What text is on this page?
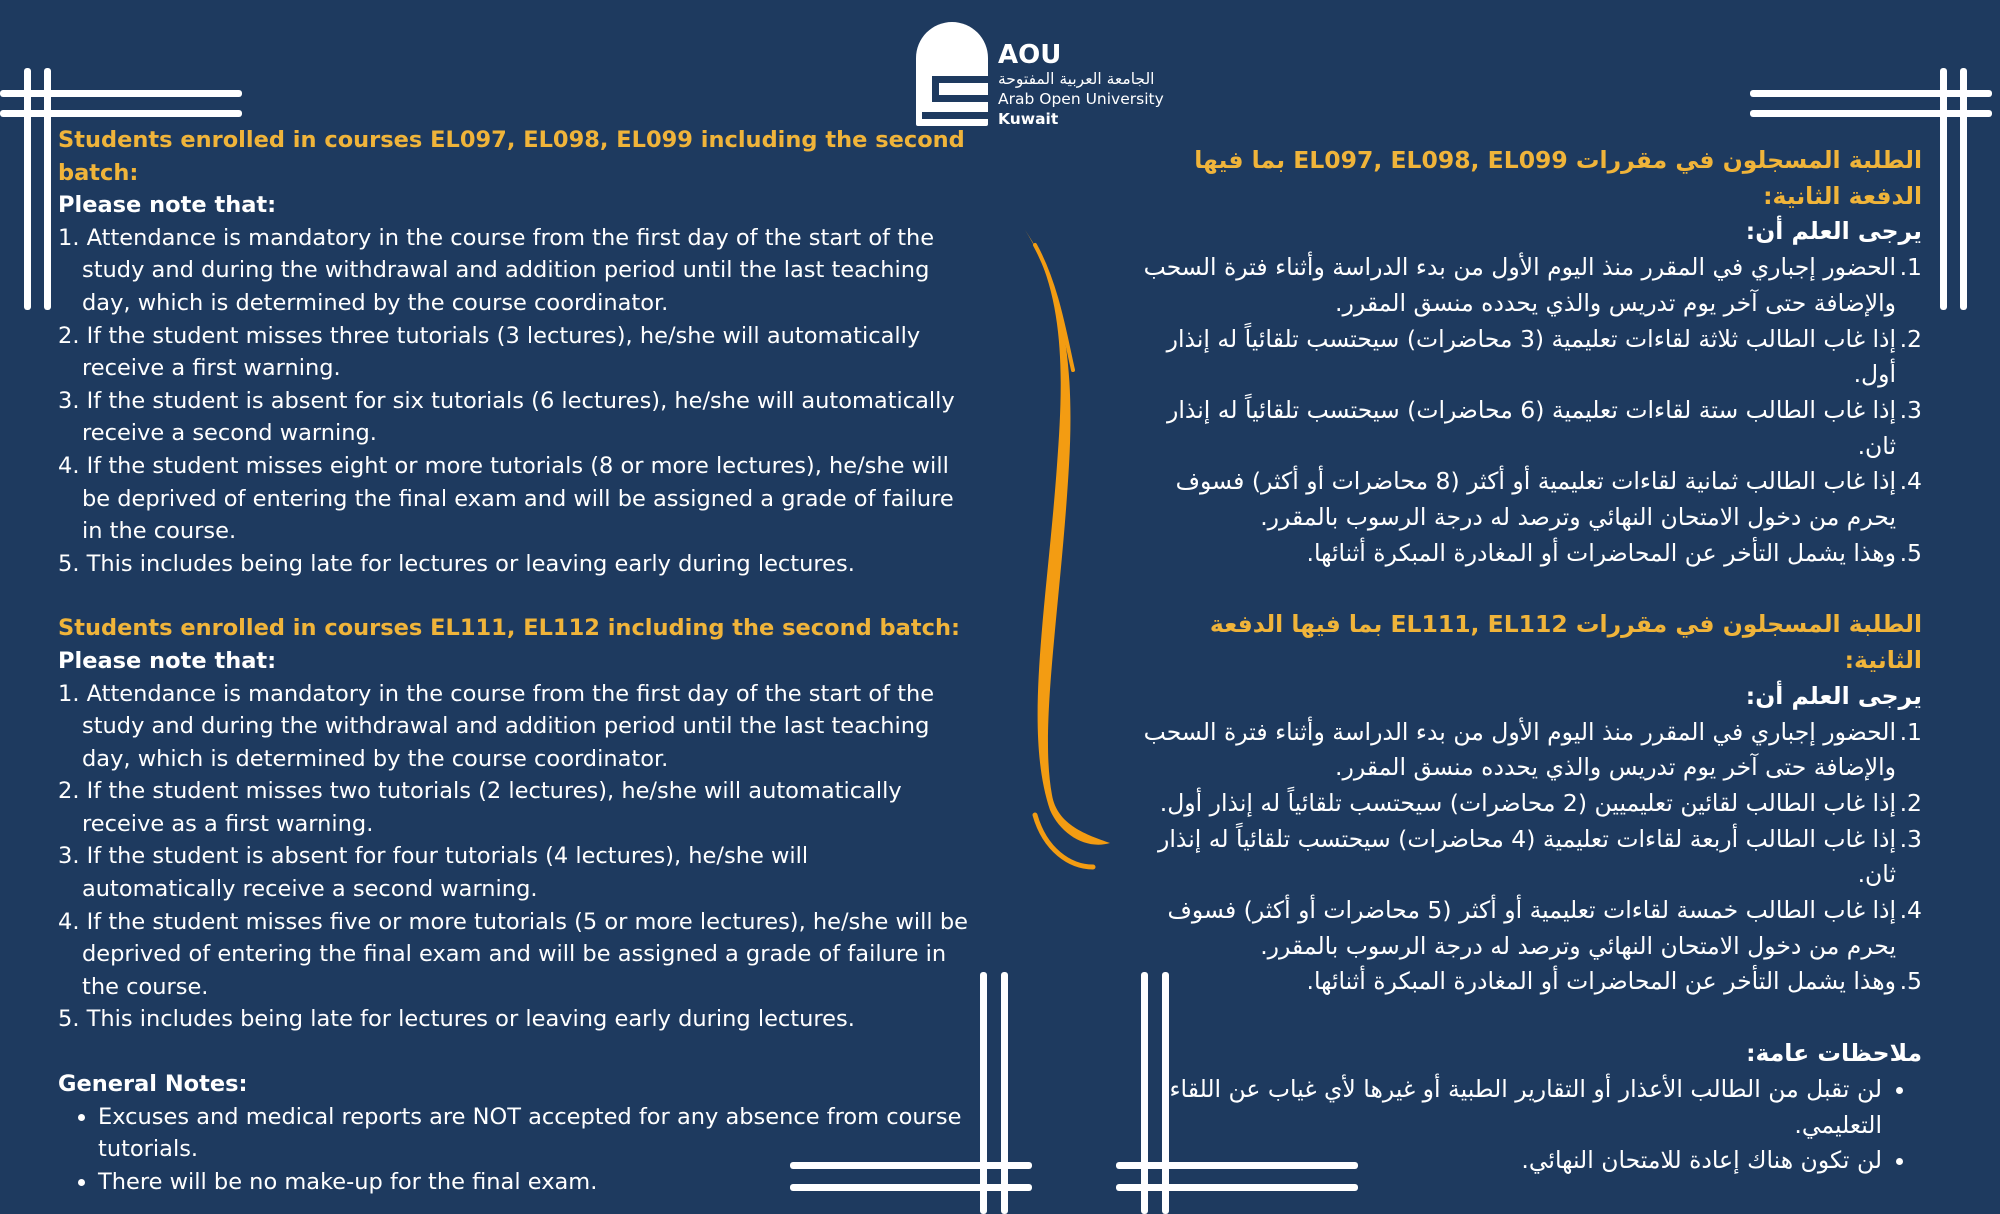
AOU
الجامعة العربية المفتوحة
Arab Open University
Kuwait

Students enrolled in courses EL097, EL098, EL099 including the second batch:

Please note that:

1. Attendance is mandatory in the course from the first day of the start of the study and during the withdrawal and addition period until the last teaching day, which is determined by the course coordinator.
2. If the student misses three tutorials (3 lectures), he/she will automatically receive a first warning.
3. If the student is absent for six tutorials (6 lectures), he/she will automatically receive a second warning.
4. If the student misses eight or more tutorials (8 or more lectures), he/she will be deprived of entering the final exam and will be assigned a grade of failure in the course.
5. This includes being late for lectures or leaving early during lectures.

Students enrolled in courses EL111, EL112 including the second batch:

Please note that:

1. Attendance is mandatory in the course from the first day of the start of the study and during the withdrawal and addition period until the last teaching day, which is determined by the course coordinator.
2. If the student misses two tutorials (2 lectures), he/she will automatically receive as a first warning.
3. If the student is absent for four tutorials (4 lectures), he/she will automatically receive a second warning.
4. If the student misses five or more tutorials (5 or more lectures), he/she will be deprived of entering the final exam and will be assigned a grade of failure in the course.
5. This includes being late for lectures or leaving early during lectures.

General Notes:

• Excuses and medical reports are NOT accepted for any absence from course tutorials.
• There will be no make-up for the final exam.

الطلبة المسجلون في مقررات EL097, EL098, EL099 بما فيها الدفعة الثانية:

يرجى العلم أن:

1.
الحضور إجباري في المقرر منذ اليوم الأول من بدء الدراسة وأثناء فترة السحب والإضافة حتى آخر يوم تدريس والذي يحدده منسق المقرر.
2.
إذا غاب الطالب ثلاثة لقاءات تعليمية (3 محاضرات) سيحتسب تلقائياً له إنذار أول.
3.
إذا غاب الطالب ستة لقاءات تعليمية (6 محاضرات) سيحتسب تلقائياً له إنذار ثان.
4.
إذا غاب الطالب ثمانية لقاءات تعليمية أو أكثر (8 محاضرات أو أكثر) فسوف يحرم من دخول الامتحان النهائي وترصد له درجة الرسوب بالمقرر.
5.
وهذا يشمل التأخر عن المحاضرات أو المغادرة المبكرة أثنائها.

الطلبة المسجلون في مقررات EL111, EL112 بما فيها الدفعة الثانية:

يرجى العلم أن:

1.
الحضور إجباري في المقرر منذ اليوم الأول من بدء الدراسة وأثناء فترة السحب والإضافة حتى آخر يوم تدريس والذي يحدده منسق المقرر.
2.
إذا غاب الطالب لقائين تعليميين (2 محاضرات) سيحتسب تلقائياً له إنذار أول.
3.
إذا غاب الطالب أربعة لقاءات تعليمية (4 محاضرات) سيحتسب تلقائياً له إنذار ثان.
4.
إذا غاب الطالب خمسة لقاءات تعليمية أو أكثر (5 محاضرات أو أكثر) فسوف يحرم من دخول الامتحان النهائي وترصد له درجة الرسوب بالمقرر.
5.
وهذا يشمل التأخر عن المحاضرات أو المغادرة المبكرة أثنائها.

ملاحظات عامة:

• لن تقبل من الطالب الأعذار أو التقارير الطبية أو غيرها لأي غياب عن اللقاء التعليمي.
• لن تكون هناك إعادة للامتحان النهائي.
